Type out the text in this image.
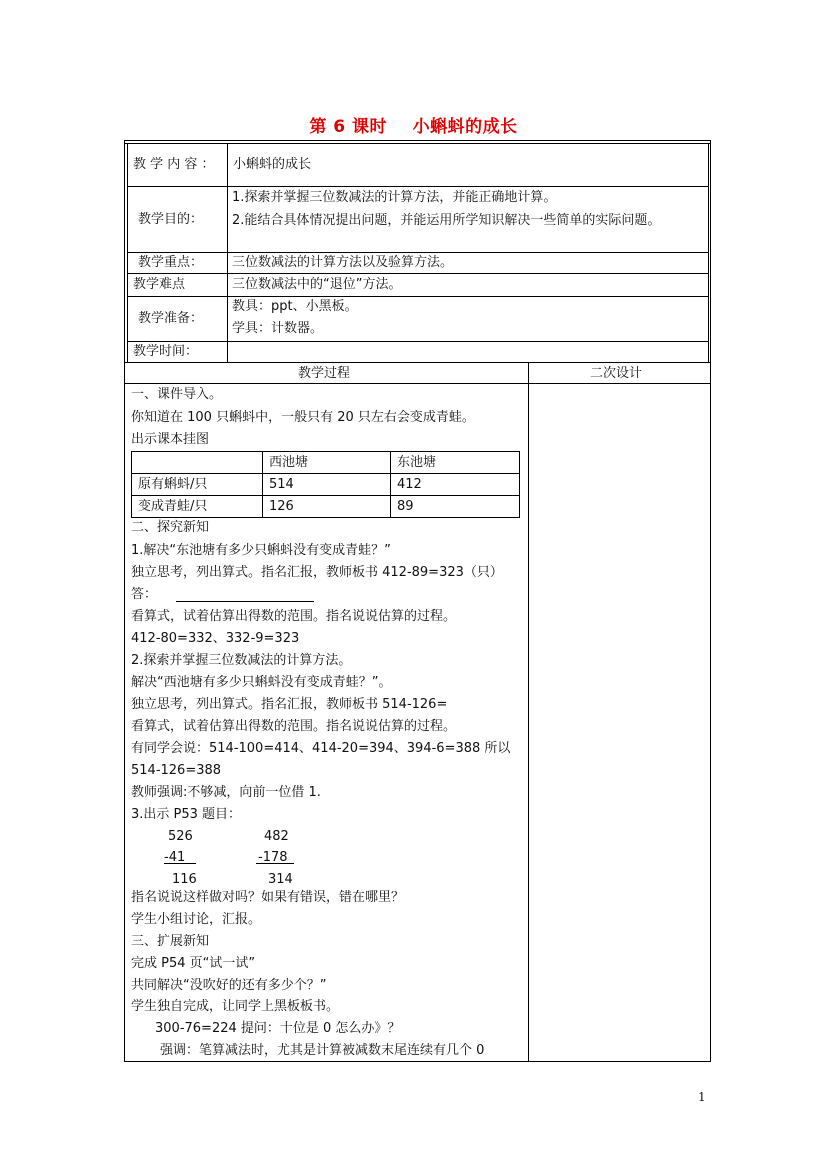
第 6 课时    小蝌蚪的成长
教 学 内 容 ： 小蝌蚪的成长
教学目的：
1.探索并掌握三位数减法的计算方法，并能正确地计算。
2.能结合具体情况提出问题，并能运用所学知识解决一些简单的实际问题。
教学重点： 三位数减法的计算方法以及验算方法。
教学难点	三位数减法中的“退位”方法。
教学准备：
教具：ppt、小黑板。
学具：计数器。
教学时间：
教学过程	二次设计
一、课件导入。
你知道在 100 只蝌蚪中，一般只有 20 只左右会变成青蛙。
出示课本挂图
西池塘	东池塘
原有蝌蚪/只	514	412
变成青蛙/只	126	89
二、探究新知
1.解决“东池塘有多少只蝌蚪没有变成青蛙？”
独立思考，列出算式。指名汇报，教师板书 412-89=323（只）
答：
看算式，试着估算出得数的范围。指名说说估算的过程。
412-80=332、332-9=323
2.探索并掌握三位数减法的计算方法。
解决“西池塘有多少只蝌蚪没有变成青蛙？”。
独立思考，列出算式。指名汇报，教师板书 514-126=
看算式，试着估算出得数的范围。指名说说估算的过程。
有同学会说：514-100=414、414-20=394、394-6=388 所以
514-126=388
教师强调:不够减，向前一位借 1.
3.出示 P53 题目：
526
-41
116
482
-178
314
指名说说这样做对吗？如果有错误，错在哪里？
学生小组讨论，汇报。
三、扩展新知
完成 P54 页“试一试”
共同解决“没吹好的还有多少个？”
学生独自完成，让同学上黑板板书。
300-76=224 提问：十位是 0 怎么办》？
强调：笔算减法时，尤其是计算被减数末尾连续有几个 0
1
